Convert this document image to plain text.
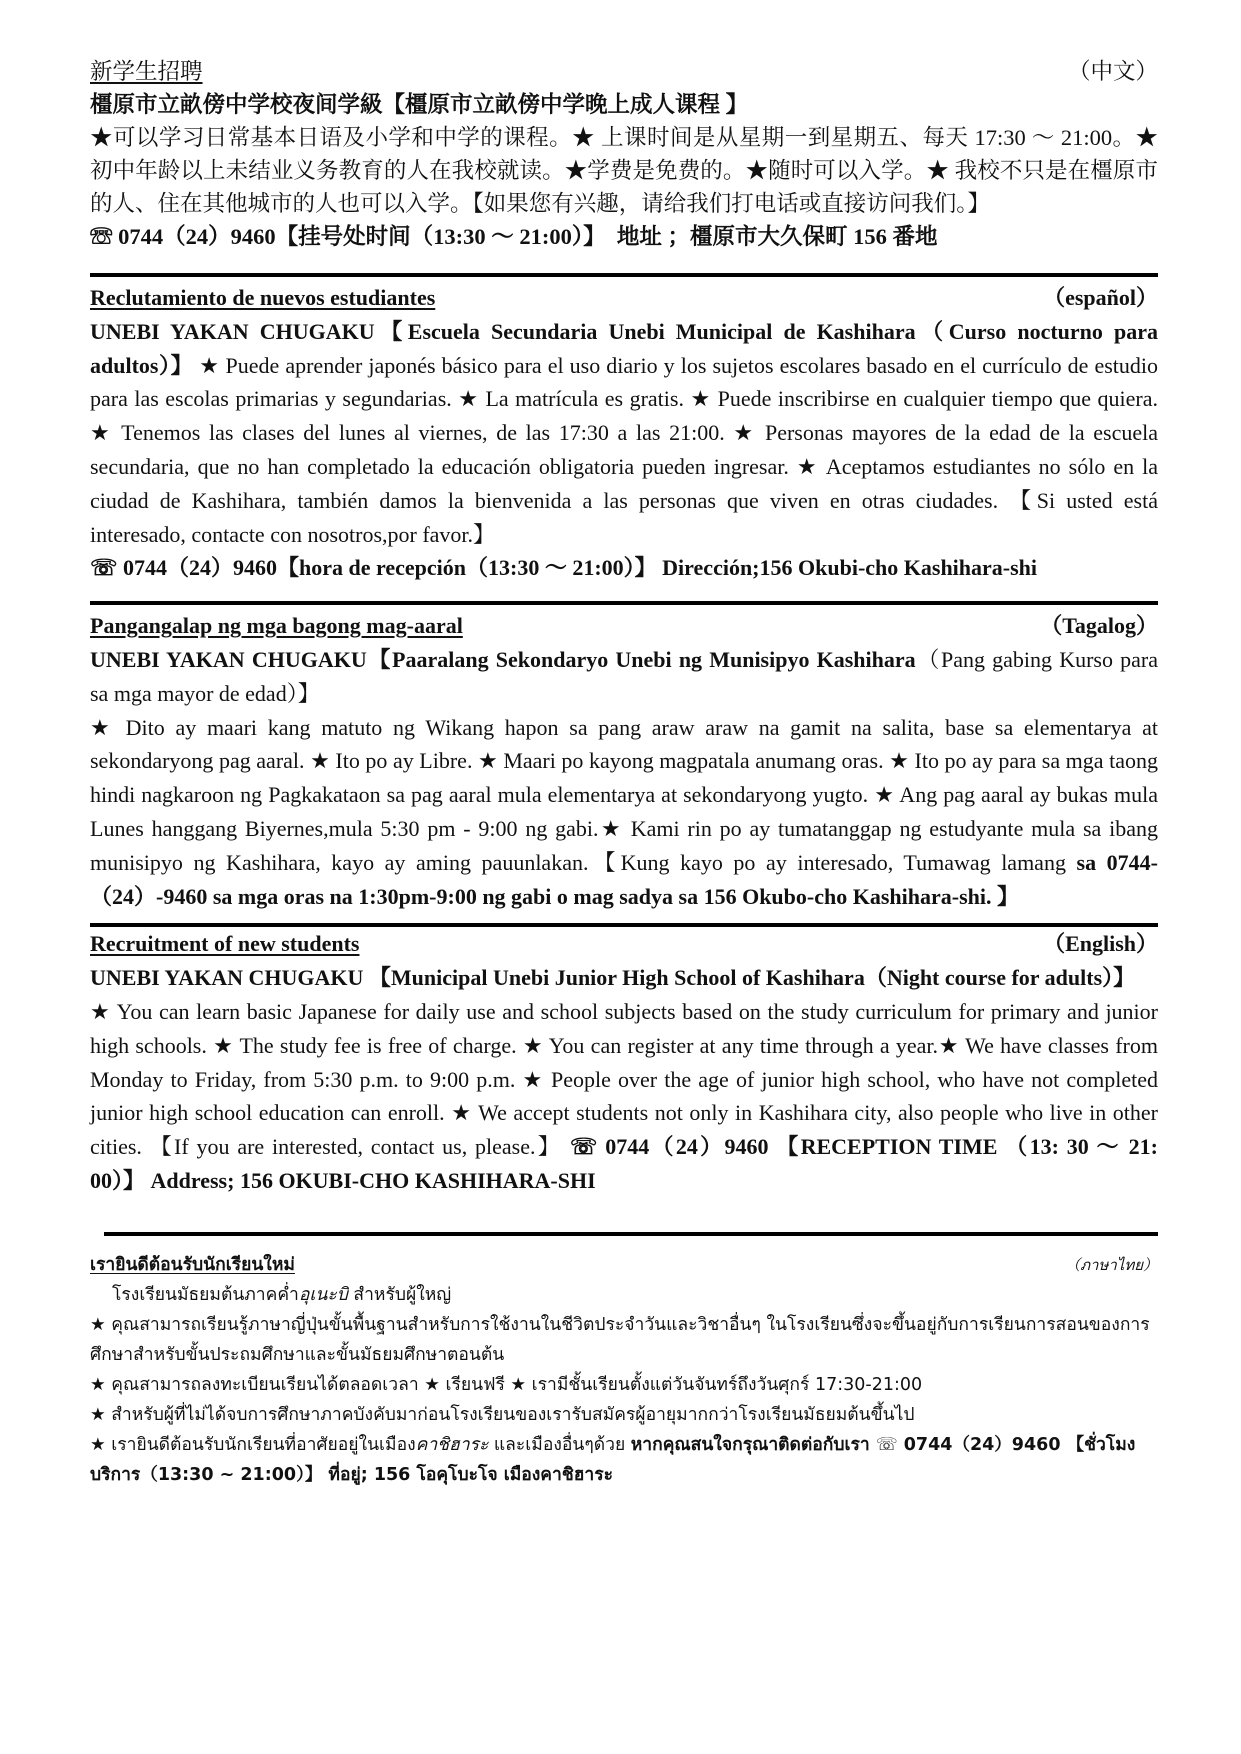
新学生招聘	（中文）

橿原市立畝傍中学校夜间学級【橿原市立畝傍中学晚上成人课程 】

★可以学习日常基本日语及小学和中学的课程。★ 上课时间是从星期一到星期五、每天 17:30 ～ 21:00。★初中年龄以上未结业义务教育的人在我校就读。★学费是免费的。★随时可以入学。★ 我校不只是在橿原市的人、住在其他城市的人也可以入学。【如果您有兴趣，请给我们打电话或直接访问我们。】

☏ 0744（24）9460【挂号处时间（13:30 ～ 21:00）】　地址 ；橿原市大久保町 156 番地

Reclutamiento de nuevos estudiantes	（español）

UNEBI YAKAN CHUGAKU【Escuela Secundaria Unebi Municipal de Kashihara（Curso nocturno para adultos）】 ★ Puede aprender japonés básico para el uso diario y los sujetos escolares basado en el currículo de estudio para las escolas primarias y segundarias. ★ La matrícula es gratis. ★ Puede inscribirse en cualquier tiempo que quiera. ★ Tenemos las clases del lunes al viernes, de las 17:30 a las 21:00. ★ Personas mayores de la edad de la escuela secundaria, que no han completado la educación obligatoria pueden ingresar. ★ Aceptamos estudiantes no sólo en la ciudad de Kashihara, también damos la bienvenida a las personas que viven en otras ciudades. 【Si usted está interesado, contacte con nosotros,por favor.】

☏ 0744（24）9460【hora de recepción（13:30 ～ 21:00）】 Dirección;156 Okubi-cho Kashihara-shi

Pangangalap ng mga bagong mag-aaral	（Tagalog）

UNEBI YAKAN CHUGAKU【Paaralang Sekondaryo Unebi ng Munisipyo Kashihara（Pang gabing Kurso para sa mga mayor de edad）】

★ Dito ay maari kang matuto ng Wikang hapon sa pang araw araw na gamit na salita, base sa elementarya at sekondaryong pag aaral. ★ Ito po ay Libre. ★ Maari po kayong magpatala anumang oras. ★ Ito po ay para sa mga taong hindi nagkaroon ng Pagkakataon sa pag aaral mula elementarya at sekondaryong yugto. ★ Ang pag aaral ay bukas mula Lunes hanggang Biyernes,mula 5:30 pm - 9:00 ng gabi.★ Kami rin po ay tumatanggap ng estudyante mula sa ibang munisipyo ng Kashihara, kayo ay aming pauunlakan.【Kung kayo po ay interesado, Tumawag lamang sa 0744-（24）-9460 sa mga oras na 1:30pm-9:00 ng gabi o mag sadya sa 156 Okubo-cho Kashihara-shi. 】

Recruitment of new students	（English）

UNEBI YAKAN CHUGAKU 【Municipal Unebi Junior High School of Kashihara（Night course for adults）】

★ You can learn basic Japanese for daily use and school subjects based on the study curriculum for primary and junior high schools. ★ The study fee is free of charge. ★ You can register at any time through a year.★ We have classes from Monday to Friday, from 5:30 p.m. to 9:00 p.m. ★ People over the age of junior high school, who have not completed junior high school education can enroll. ★ We accept students not only in Kashihara city, also people who live in other cities. 【If you are interested, contact us, please.】 ☏ 0744（24）9460 【RECEPTION TIME （13: 30 ～ 21: 00）】 Address; 156 OKUBI-CHO KASHIHARA-SHI

เรายินดีต้อนรับนักเรียนใหม่	（ภาษาไทย）

โรงเรียนมัธยมต้นภาคค่ำอุเนะบิ สำหรับผู้ใหญ่

★ คุณสามารถเรียนรู้ภาษาญี่ปุ่นขั้นพื้นฐานสำหรับการใช้งานในชีวิตประจำวันและวิชาอื่นๆ ในโรงเรียนซึ่งจะขึ้นอยู่กับการเรียนการสอนของการศึกษาสำหรับขั้นประถมศึกษาและขั้นมัธยมศึกษาตอนต้น

★ คุณสามารถลงทะเบียนเรียนได้ตลอดเวลา ★ เรียนฟรี ★ เรามีชั้นเรียนตั้งแต่วันจันทร์ถึงวันศุกร์ 17:30-21:00

★ สำหรับผู้ที่ไม่ได้จบการศึกษาภาคบังคับมาก่อนโรงเรียนของเรารับสมัครผู้อายุมากกว่าโรงเรียนมัธยมต้นขึ้นไป

★ เรายินดีต้อนรับนักเรียนที่อาศัยอยู่ในเมืองคาชิฮาระ และเมืองอื่นๆด้วย หากคุณสนใจกรุณาติดต่อกับเรา ☏ 0744（24）9460 【ชั่วโมงบริการ（13:30 ~ 21:00）】 ที่อยู่; 156 โอคุโบะโจ เมืองคาชิฮาระ
